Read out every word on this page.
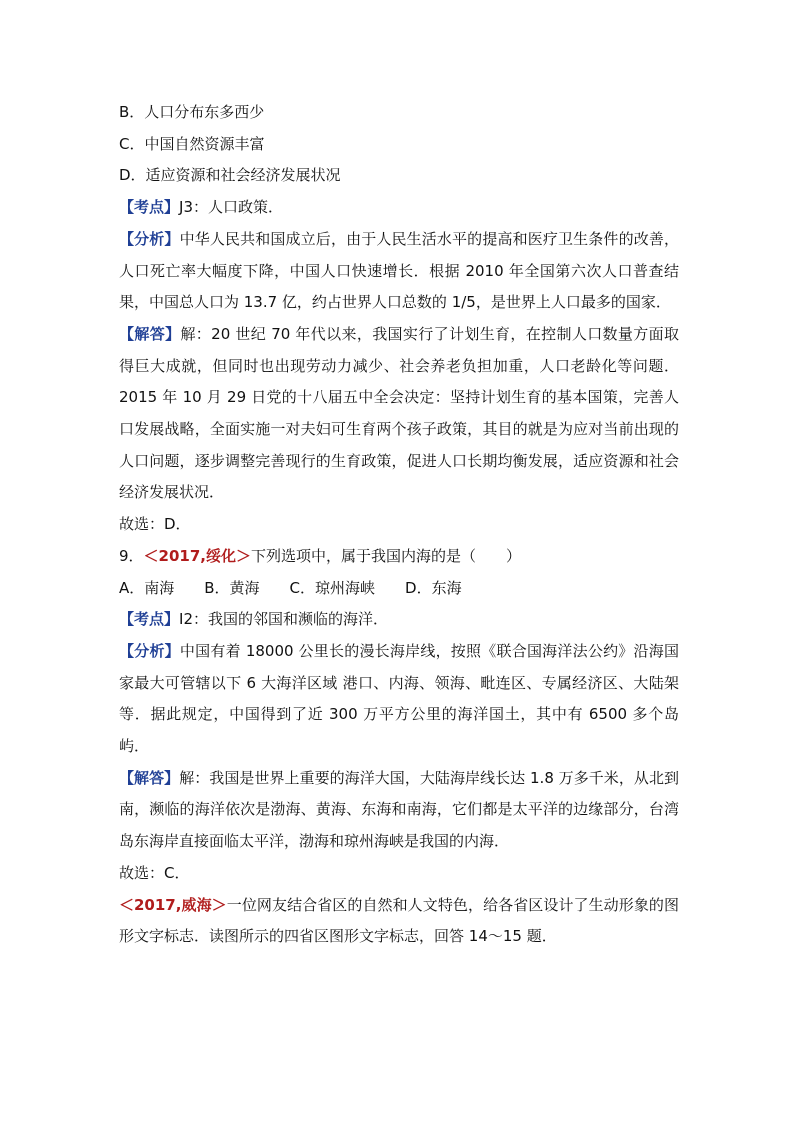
B．人口分布东多西少

C．中国自然资源丰富

D．适应资源和社会经济发展状况

【考点】J3：人口政策．

【分析】中华人民共和国成立后，由于人民生活水平的提高和医疗卫生条件的改善，人口死亡率大幅度下降，中国人口快速增长．根据 2010 年全国第六次人口普查结果，中国总人口为 13.7 亿，约占世界人口总数的 1/5，是世界上人口最多的国家．

【解答】解：20 世纪 70 年代以来，我国实行了计划生育，在控制人口数量方面取得巨大成就，但同时也出现劳动力减少、社会养老负担加重，人口老龄化等问题．2015 年 10 月 29 日党的十八届五中全会决定：坚持计划生育的基本国策，完善人口发展战略，全面实施一对夫妇可生育两个孩子政策，其目的就是为应对当前出现的人口问题，逐步调整完善现行的生育政策，促进人口长期均衡发展，适应资源和社会经济发展状况．

故选：D．

9．＜2017,绥化＞下列选项中，属于我国内海的是（　　）

A．南海　　B．黄海　　C．琼州海峡　　D．东海

【考点】I2：我国的邻国和濒临的海洋．

【分析】中国有着 18000 公里长的漫长海岸线，按照《联合国海洋法公约》沿海国家最大可管辖以下 6 大海洋区域 港口、内海、领海、毗连区、专属经济区、大陆架等．据此规定，中国得到了近 300 万平方公里的海洋国土，其中有 6500 多个岛屿．

【解答】解：我国是世界上重要的海洋大国，大陆海岸线长达 1.8 万多千米，从北到南，濒临的海洋依次是渤海、黄海、东海和南海，它们都是太平洋的边缘部分，台湾岛东海岸直接面临太平洋，渤海和琼州海峡是我国的内海．

故选：C．

＜2017,威海＞一位网友结合省区的自然和人文特色，给各省区设计了生动形象的图形文字标志．读图所示的四省区图形文字标志，回答 14～15 题．
